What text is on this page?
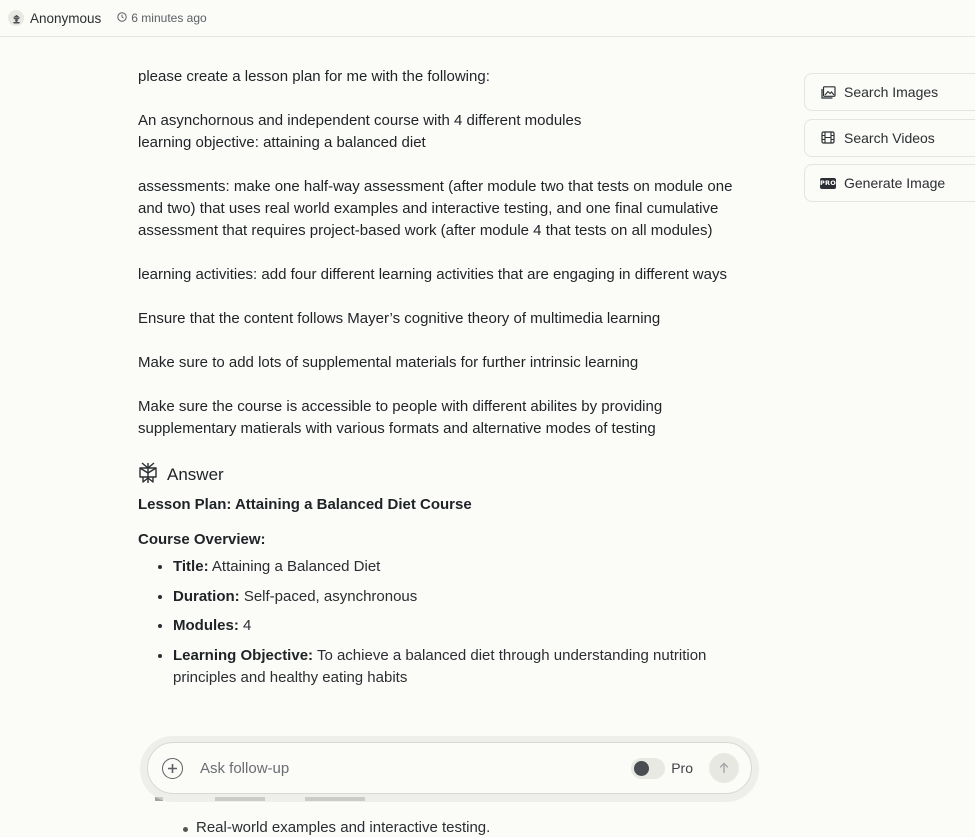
Anonymous	6 minutes ago

please create a lesson plan for me with the following:

An asynchornous and independent course with 4 different modules
learning objective: attaining a balanced diet

assessments: make one half-way assessment (after module two that tests on module one and two) that uses real world examples and interactive testing, and one final cumulative assessment that requires project-based work (after module 4 that tests on all modules)

learning activities: add four different learning activities that are engaging in different ways

Ensure that the content follows Mayer’s cognitive theory of multimedia learning

Make sure to add lots of supplemental materials for further intrinsic learning

Make sure the course is accessible to people with different abilites by providing supplementary matierals with various formats and alternative modes of testing

Answer
Lesson Plan: Attaining a Balanced Diet Course
Course Overview:
• Title: Attaining a Balanced Diet
• Duration: Self-paced, asynchronous
• Modules: 4
• Learning Objective: To achieve a balanced diet through understanding nutrition principles and healthy eating habits
Real-world examples and interactive testing.
Ask follow-up
Pro
Search Images
Search Videos
PRO Generate Image
